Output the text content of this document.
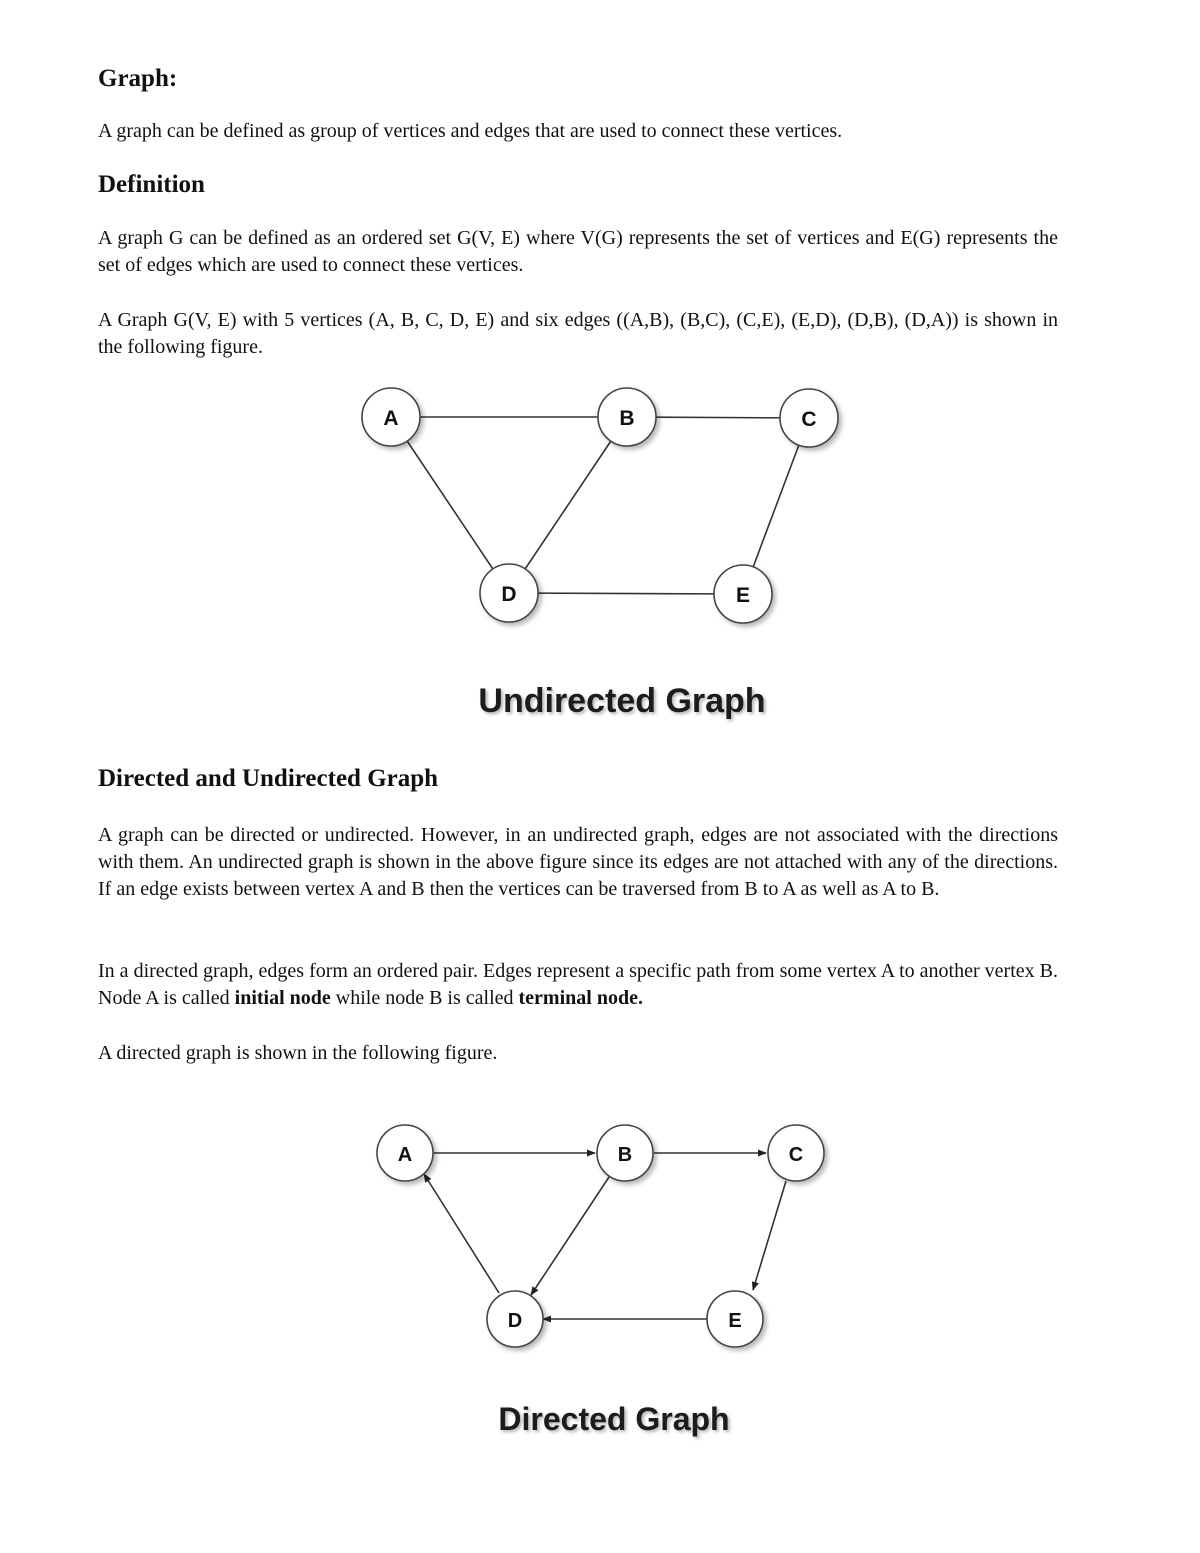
Graph:

A graph can be defined as group of vertices and edges that are used to connect these vertices.

Definition

A graph G can be defined as an ordered set G(V, E) where V(G) represents the set of vertices and E(G) represents the set of edges which are used to connect these vertices.

A Graph G(V, E) with 5 vertices (A, B, C, D, E) and six edges ((A,B), (B,C), (C,E), (E,D), (D,B), (D,A)) is shown in the following figure.

A	B	C
D	E
Undirected Graph
Directed and Undirected Graph

A graph can be directed or undirected. However, in an undirected graph, edges are not associated with the directions with them. An undirected graph is shown in the above figure since its edges are not attached with any of the directions. If an edge exists between vertex A and B then the vertices can be traversed from B to A as well as A to B.

In a directed graph, edges form an ordered pair. Edges represent a specific path from some vertex A to another vertex B. Node A is called initial node while node B is called terminal node.

A directed graph is shown in the following figure.

A	B	C
D	E
Directed Graph
